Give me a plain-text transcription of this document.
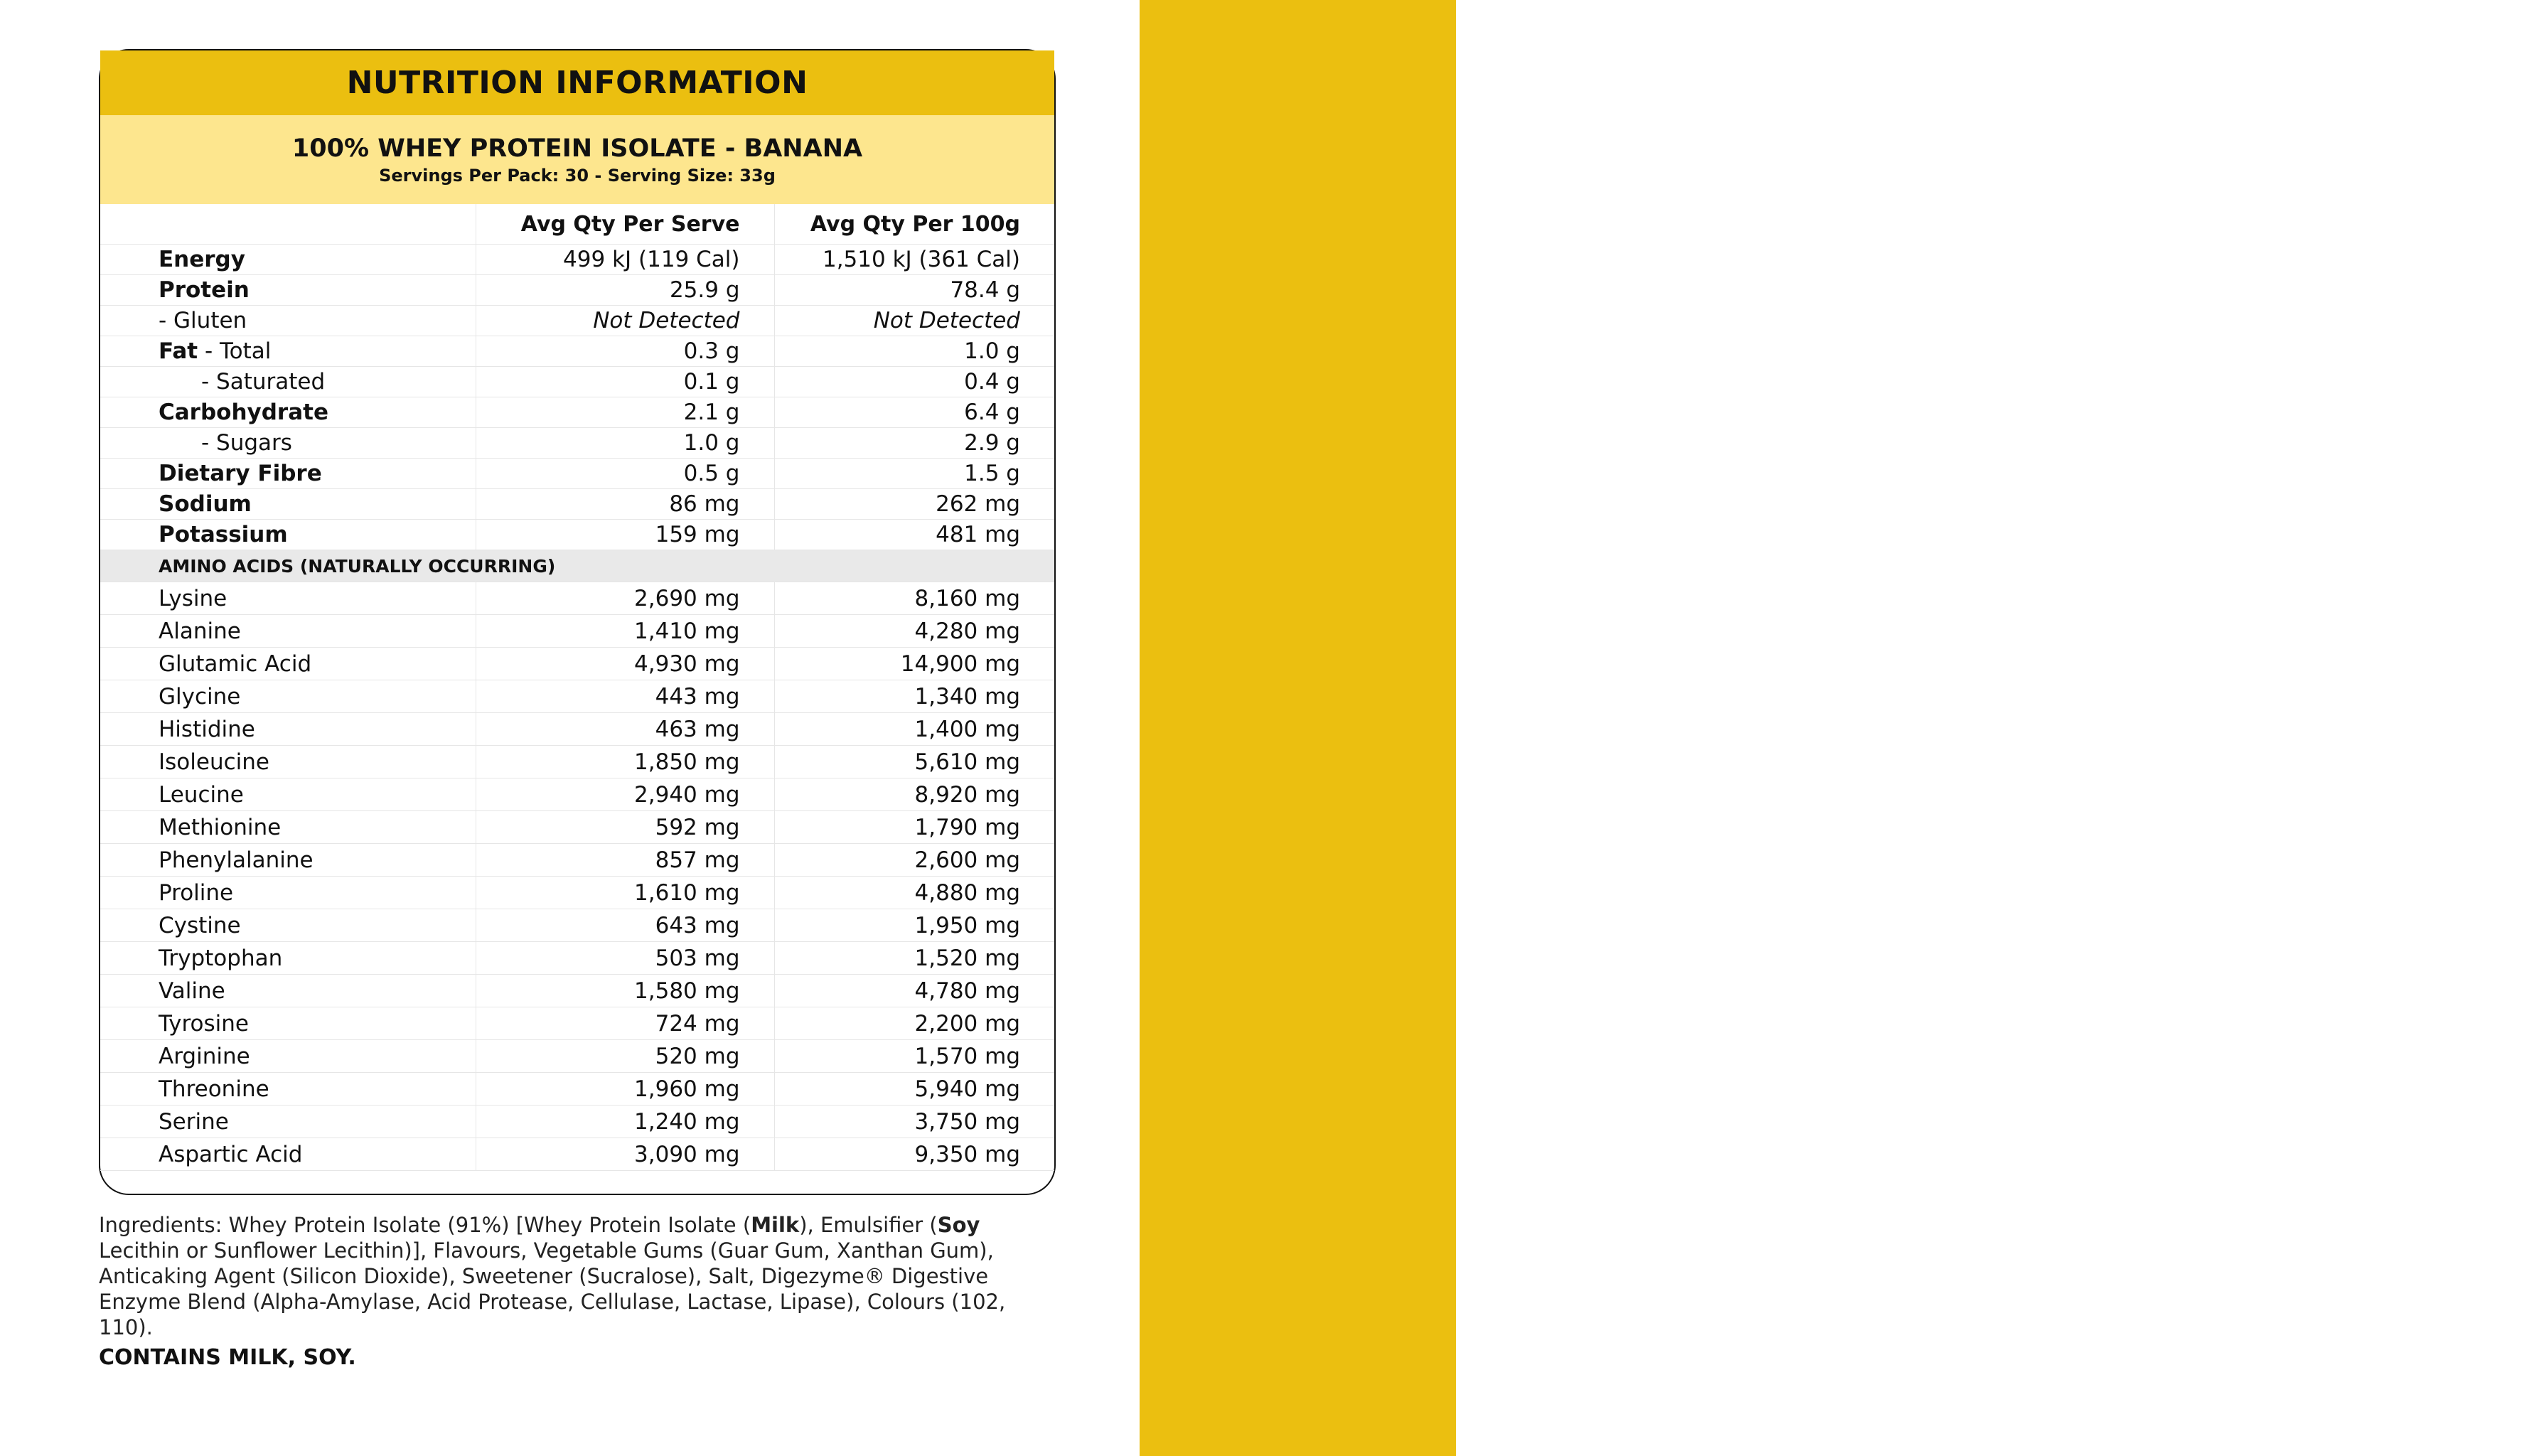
BANANA
NUTRITION INFORMATION
100% WHEY PROTEIN ISOLATE - BANANA
Servings Per Pack: 30 - Serving Size: 33g
	Avg Qty Per Serve	Avg Qty Per 100g
Energy	499 kJ (119 Cal)	1,510 kJ (361 Cal)
Protein	25.9 g	78.4 g
- Gluten	Not Detected	Not Detected
Fat - Total	0.3 g	1.0 g
- Saturated	0.1 g	0.4 g
Carbohydrate	2.1 g	6.4 g
- Sugars	1.0 g	2.9 g
Dietary Fibre	0.5 g	1.5 g
Sodium	86 mg	262 mg
Potassium	159 mg	481 mg
AMINO ACIDS (NATURALLY OCCURRING)		
Lysine	2,690 mg	8,160 mg
Alanine	1,410 mg	4,280 mg
Glutamic Acid	4,930 mg	14,900 mg
Glycine	443 mg	1,340 mg
Histidine	463 mg	1,400 mg
Isoleucine	1,850 mg	5,610 mg
Leucine	2,940 mg	8,920 mg
Methionine	592 mg	1,790 mg
Phenylalanine	857 mg	2,600 mg
Proline	1,610 mg	4,880 mg
Cystine	643 mg	1,950 mg
Tryptophan	503 mg	1,520 mg
Valine	1,580 mg	4,780 mg
Tyrosine	724 mg	2,200 mg
Arginine	520 mg	1,570 mg
Threonine	1,960 mg	5,940 mg
Serine	1,240 mg	3,750 mg
Aspartic Acid	3,090 mg	9,350 mg
Ingredients: Whey Protein Isolate (91%) [Whey Protein Isolate (Milk), Emulsifier (Soy Lecithin or Sunflower Lecithin)], Flavours, Vegetable Gums (Guar Gum, Xanthan Gum), Anticaking Agent (Silicon Dioxide), Sweetener (Sucralose), Salt, Digezyme® Digestive Enzyme Blend (Alpha-Amylase, Acid Protease, Cellulase, Lactase, Lipase), Colours (102, 110).
CONTAINS MILK, SOY.
